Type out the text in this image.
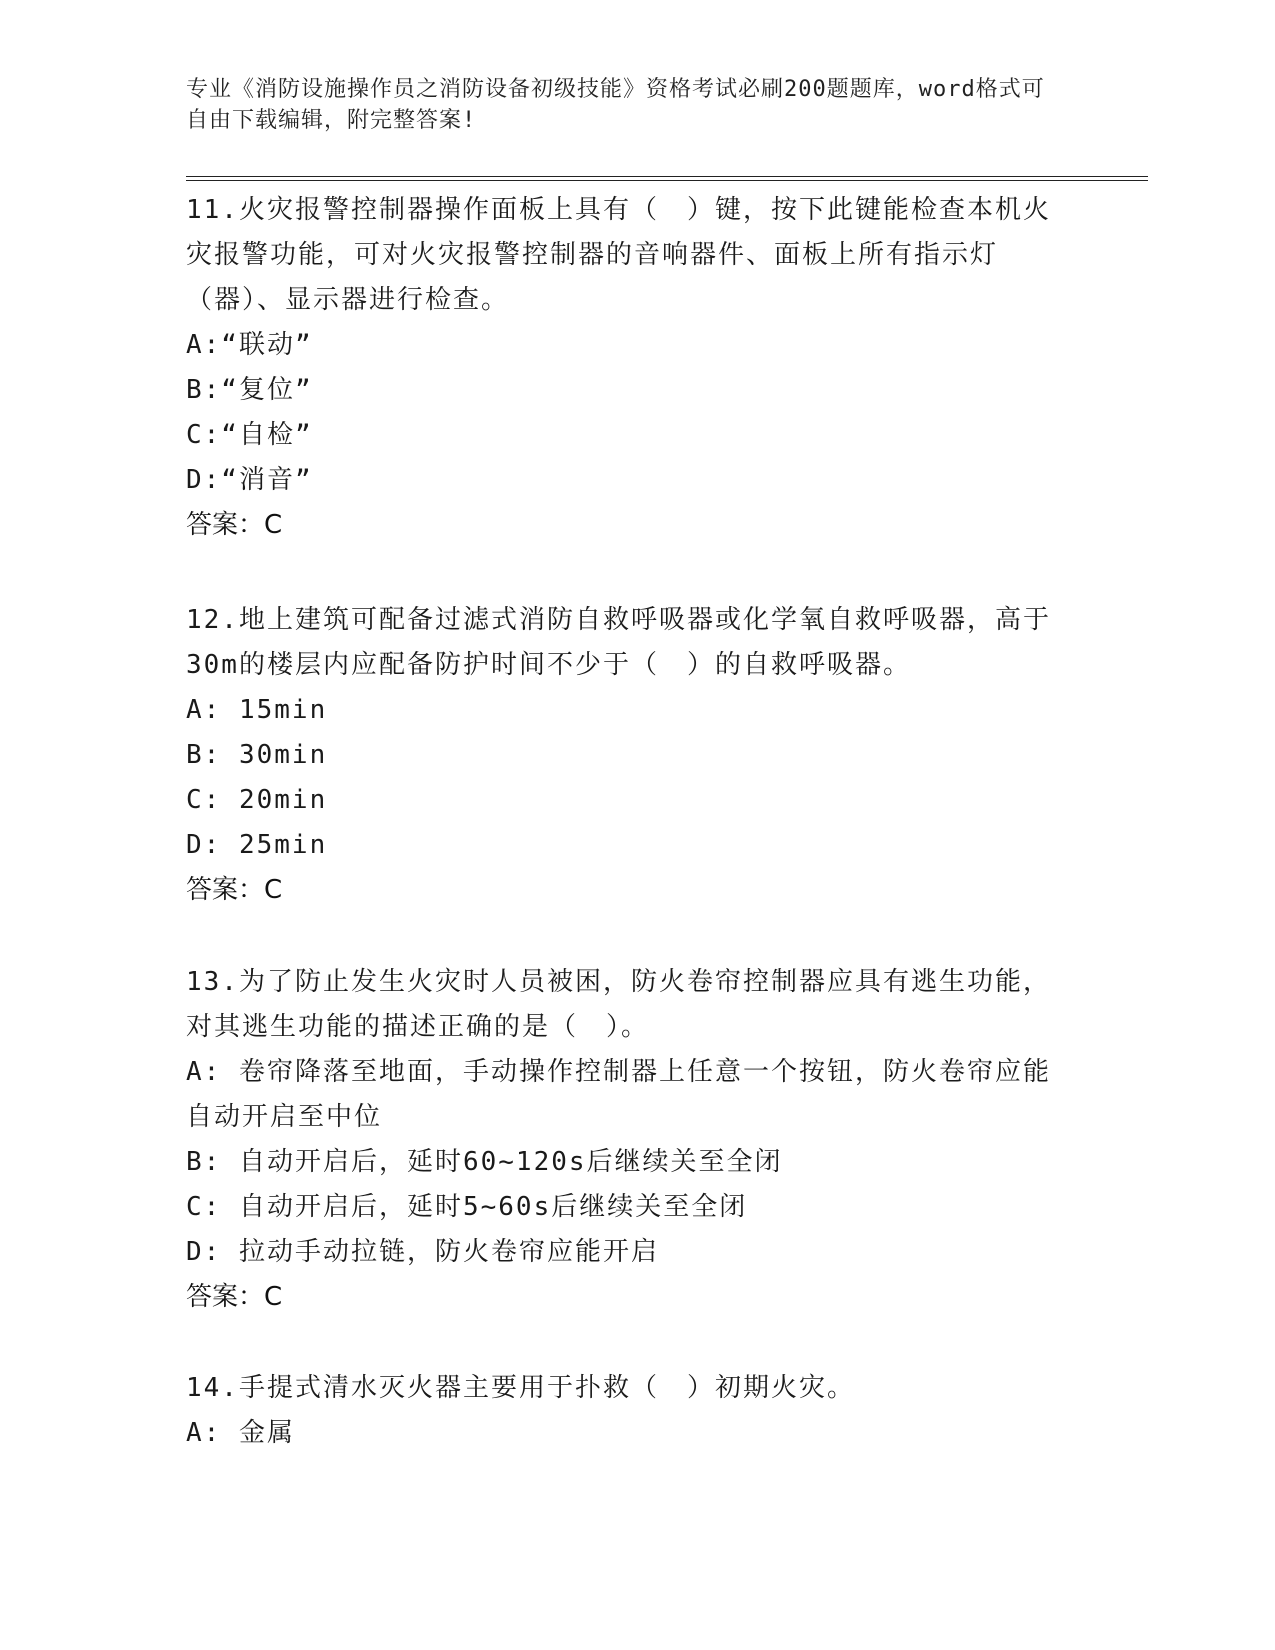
专业《消防设施操作员之消防设备初级技能》资格考试必刷200题题库，word格式可自由下载编辑，附完整答案!

11.火灾报警控制器操作面板上具有（　）键，按下此键能检查本机火灾报警功能，可对火灾报警控制器的音响器件、面板上所有指示灯（器）、显示器进行检查。

A:“联动”

B:“复位”

C:“自检”

D:“消音”

答案：C

12.地上建筑可配备过滤式消防自救呼吸器或化学氧自救呼吸器，高于30m的楼层内应配备防护时间不少于（　）的自救呼吸器。

A: 15min

B: 30min

C: 20min

D: 25min

答案：C

13.为了防止发生火灾时人员被困，防火卷帘控制器应具有逃生功能，对其逃生功能的描述正确的是（　）。

A: 卷帘降落至地面，手动操作控制器上任意一个按钮，防火卷帘应能自动开启至中位

B: 自动开启后，延时60~120s后继续关至全闭

C: 自动开启后，延时5~60s后继续关至全闭

D: 拉动手动拉链，防火卷帘应能开启

答案：C

14.手提式清水灭火器主要用于扑救（　）初期火灾。

A: 金属
